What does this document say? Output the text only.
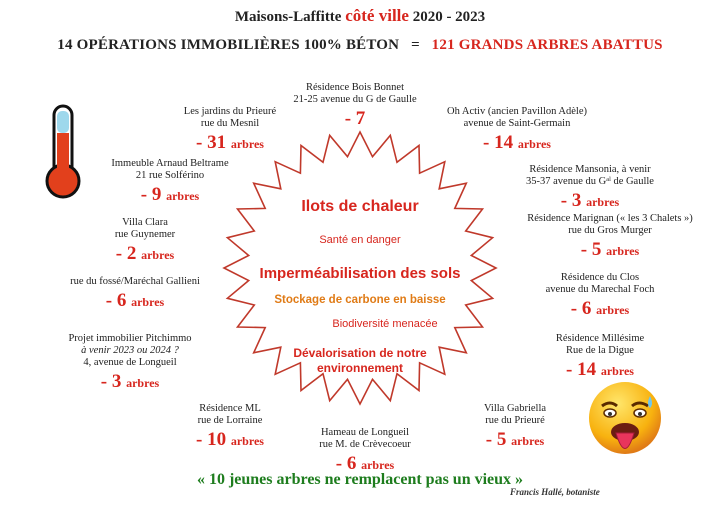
Maisons-Laffitte côté ville 2020 - 2023
14 OPÉRATIONS IMMOBILIÈRES 100% BÉTON = 121 GRANDS ARBRES ABATTUS
Ilots de chaleur
Santé en danger
Imperméabilisation des sols
Stockage de carbone en baisse
Biodiversité menacée
Dévalorisation de notre
environnement
Les jardins du Prieuré
rue du Mesnil
- 31 arbres
Résidence Bois Bonnet
21-25 avenue du G de Gaulle
- 7	Oh Activ (ancien Pavillon Adèle)
avenue de Saint-Germain
- 14 arbres
Immeuble Arnaud Beltrame
21 rue Solférino
- 9 arbres
Résidence Mansonia, à venir
35-37 avenue du Gᵃˡ de Gaulle
- 3 arbres
Villa Clara
rue Guynemer
- 2 arbres
Résidence Marignan (« les 3 Chalets »)
rue du Gros Murger
- 5 arbres
rue du fossé/Maréchal Gallieni
- 6 arbres
Résidence du Clos
avenue du Marechal Foch
- 6 arbres
Projet immobilier Pitchimmo
à venir 2023 ou 2024 ?
4, avenue de Longueil
- 3 arbres
Résidence Millésime
Rue de la Digue
- 14 arbres
Résidence ML
rue de Lorraine
- 10 arbres
Hameau de Longueil
rue M. de Crèvecoeur
- 6 arbres
Villa Gabriella
rue du Prieuré
- 5 arbres
« 10 jeunes arbres ne remplacent pas un vieux »
Francis Hallé, botaniste
